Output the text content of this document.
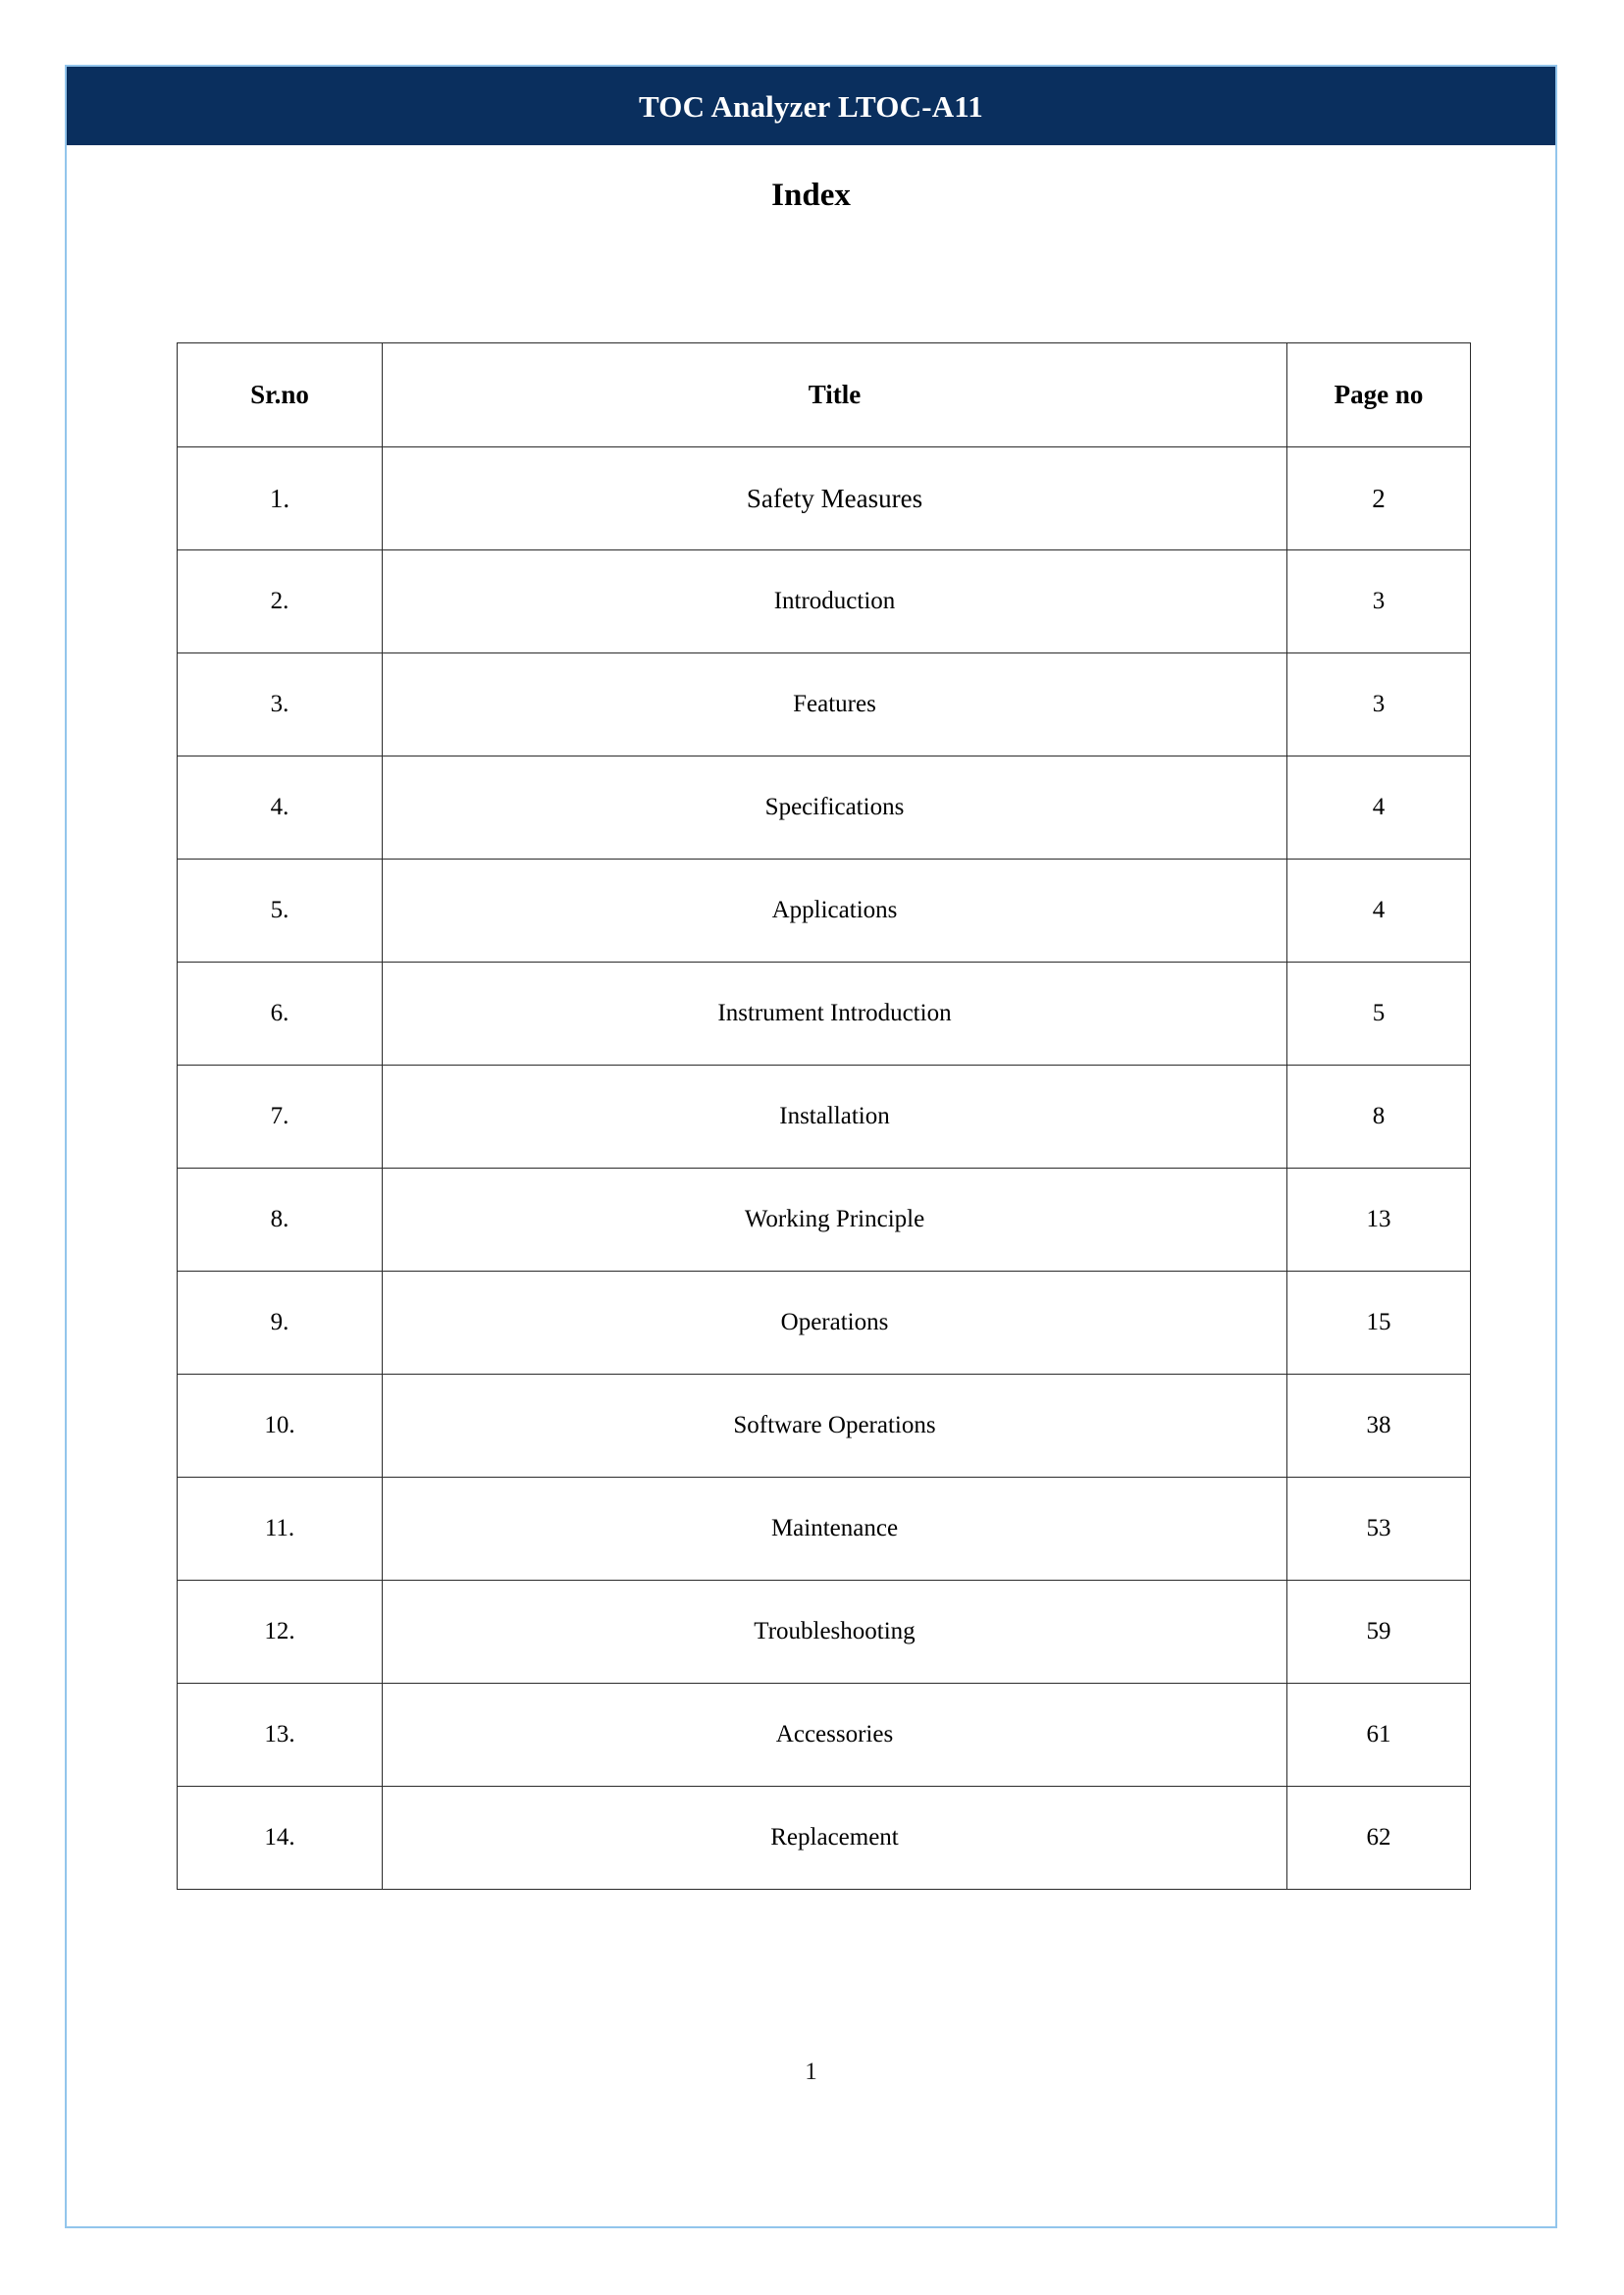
TOC Analyzer LTOC-A11
Index
Sr.no	Title	Page no
1.	Safety Measures	2
2.	Introduction	3
3.	Features	3
4.	Specifications	4
5.	Applications	4
6.	Instrument Introduction	5
7.	Installation	8
8.	Working Principle	13
9.	Operations	15
10.	Software Operations	38
11.	Maintenance	53
12.	Troubleshooting	59
13.	Accessories	61
14.	Replacement	62
1
